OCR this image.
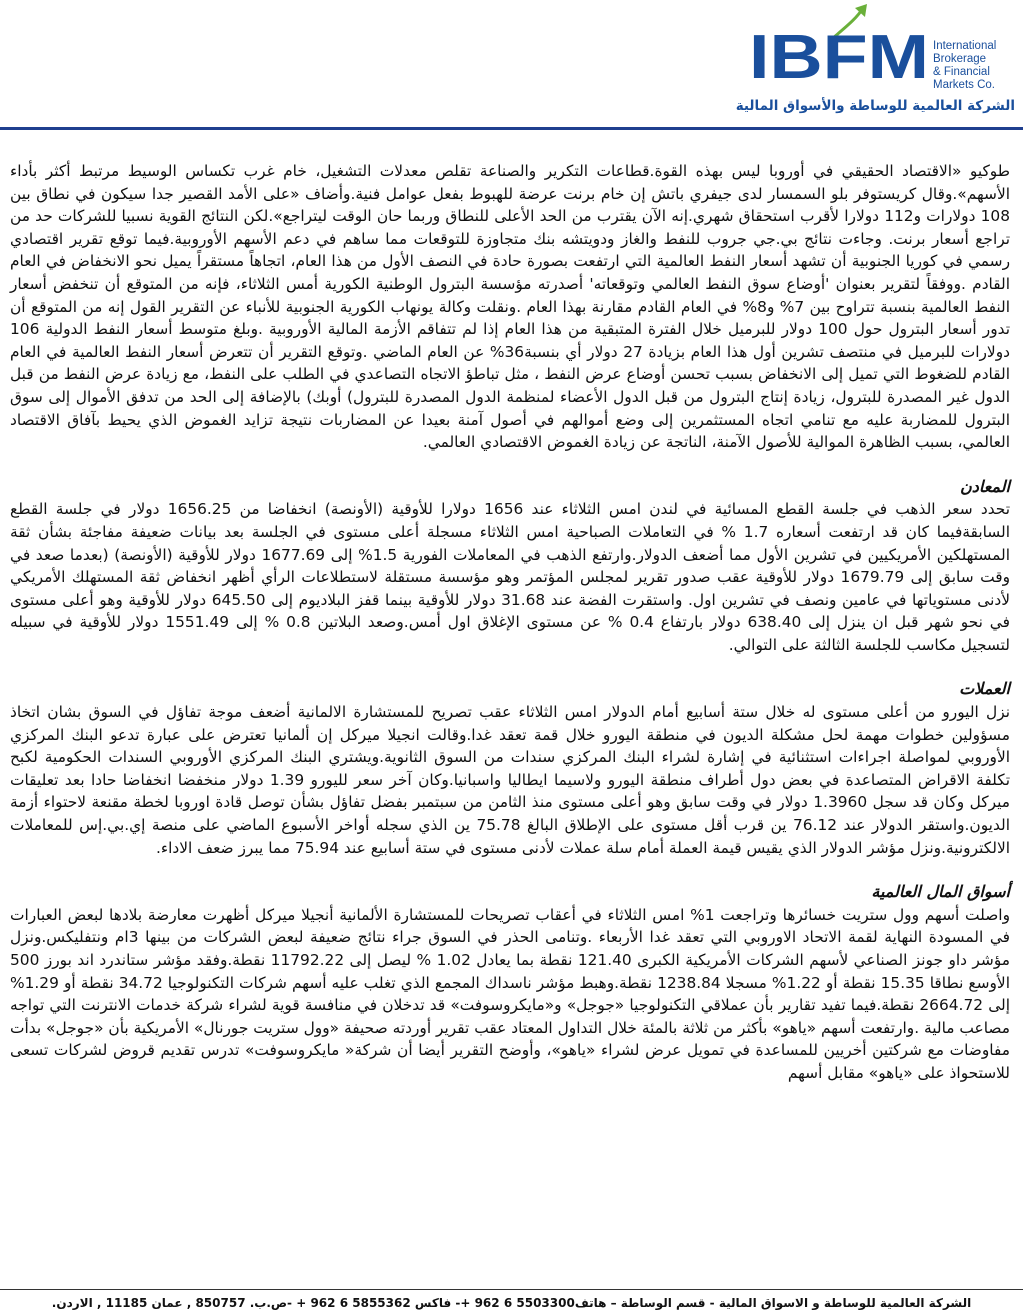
IBFM International
Brokerage
& Financial
Markets Co.
الشركة العالمية للوساطة والأسواق المالية

طوكيو «الاقتصاد الحقيقي في أوروبا ليس بهذه القوة.قطاعات التكرير والصناعة تقلص معدلات التشغيل، خام غرب تكساس الوسيط مرتبط أكثر بأداء الأسهم».وقال كريستوفر بلو السمسار لدى جيفري باتش إن خام برنت عرضة للهبوط بفعل عوامل فنية.وأضاف «على الأمد القصير جدا سيكون في نطاق بين 108 دولارات و112 دولارا لأقرب استحقاق شهري.إنه الآن يقترب من الحد الأعلى للنطاق وربما حان الوقت ليتراجع».لكن النتائج القوية نسبيا للشركات حد من تراجع أسعار برنت. وجاءت نتائج بي.جي جروب للنفط والغاز ودويتشه بنك متجاوزة للتوقعات مما ساهم في دعم الأسهم الأوروبية.فيما توقع تقرير اقتصادي رسمي في كوريا الجنوبية أن تشهد أسعار النفط العالمية التي ارتفعت بصورة حادة في النصف الأول من هذا العام، اتجاهاً مستقراً يميل نحو الانخفاض في العام القادم .ووفقاً لتقرير بعنوان 'أوضاع سوق النفط العالمي وتوقعاته' أصدرته مؤسسة البترول الوطنية الكورية أمس الثلاثاء، فإنه من المتوقع أن تنخفض أسعار النفط العالمية بنسبة تتراوح بين 7% و8% في العام القادم مقارنة بهذا العام .ونقلت وكالة يونهاب الكورية الجنوبية للأنباء عن التقرير القول إنه من المتوقع أن تدور أسعار البترول حول 100 دولار للبرميل خلال الفترة المتبقية من هذا العام إذا لم تتفاقم الأزمة المالية الأوروبية .وبلغ متوسط أسعار النفط الدولية 106 دولارات للبرميل في منتصف تشرين أول هذا العام بزيادة 27 دولار أي بنسبة36% عن العام الماضي .وتوقع التقرير أن تتعرض أسعار النفط العالمية في العام القادم للضغوط التي تميل إلى الانخفاض بسبب تحسن أوضاع عرض النفط ، مثل تباطؤ الاتجاه التصاعدي في الطلب على النفط، مع زيادة عرض النفط من قبل الدول غير المصدرة للبترول، زيادة إنتاج البترول من قبل الدول الأعضاء لمنظمة الدول المصدرة للبترول) أوبك) بالإضافة إلى الحد من تدفق الأموال إلى سوق البترول للمضاربة عليه مع تنامي اتجاه المستثمرين إلى وضع أموالهم في أصول آمنة بعيدا عن المضاربات نتيجة تزايد الغموض الذي يحيط بآفاق الاقتصاد العالمي، بسبب الظاهرة الموالية للأصول الآمنة، الناتجة عن زيادة الغموض الاقتصادي العالمي.

المعادن

تحدد سعر الذهب في جلسة القطع المسائية في لندن امس الثلاثاء عند 1656 دولارا للأوقية (الأونصة) انخفاضا من 1656.25 دولار في جلسة القطع السابقةفيما كان قد ارتفعت أسعاره 1.7 % في التعاملات الصباحية امس الثلاثاء مسجلة أعلى مستوى في الجلسة بعد بيانات ضعيفة مفاجئة بشأن ثقة المستهلكين الأمريكيين في تشرين الأول مما أضعف الدولار.وارتفع الذهب في المعاملات الفورية 1.5% إلى 1677.69 دولار للأوقية (الأونصة) (بعدما صعد في وقت سابق إلى 1679.79 دولار للأوقية عقب صدور تقرير لمجلس المؤتمر وهو مؤسسة مستقلة لاستطلاعات الرأي أظهر انخفاض ثقة المستهلك الأمريكي لأدنى مستوياتها في عامين ونصف في تشرين اول. واستقرت الفضة عند 31.68 دولار للأوقية بينما قفز البلاديوم إلى 645.50 دولار للأوقية وهو أعلى مستوى في نحو شهر قبل ان ينزل إلى 638.40 دولار بارتفاع 0.4 % عن مستوى الإغلاق اول أمس.وصعد البلاتين 0.8 % إلى 1551.49 دولار للأوقية في سبيله لتسجيل مكاسب للجلسة الثالثة على التوالي.

العملات

نزل اليورو من أعلى مستوى له خلال ستة أسابيع أمام الدولار امس الثلاثاء عقب تصريح للمستشارة الالمانية أضعف موجة تفاؤل في السوق بشان اتخاذ مسؤولين خطوات مهمة لحل مشكلة الديون في منطقة اليورو خلال قمة تعقد غدا.وقالت انجيلا ميركل إن ألمانيا تعترض على عبارة تدعو البنك المركزي الأوروبي لمواصلة اجراءات استثنائية في إشارة لشراء البنك المركزي سندات من السوق الثانوية.ويشتري البنك المركزي الأوروبي السندات الحكومية لكبح تكلفة الاقراض المتصاعدة في بعض دول أطراف منطقة اليورو ولاسيما ايطاليا واسبانيا.وكان آخر سعر لليورو 1.39 دولار منخفضا انخفاضا حادا بعد تعليقات ميركل وكان قد سجل 1.3960 دولار في وقت سابق وهو أعلى مستوى منذ الثامن من سبتمبر بفضل تفاؤل بشأن توصل قادة اوروبا لخطة مقنعة لاحتواء أزمة الديون.واستقر الدولار عند 76.12 ين قرب أقل مستوى على الإطلاق البالغ 75.78 ين الذي سجله أواخر الأسبوع الماضي على منصة إي.بي.إس للمعاملات الالكترونية.ونزل مؤشر الدولار الذي يقيس قيمة العملة أمام سلة عملات لأدنى مستوى في ستة أسابيع عند 75.94 مما يبرز ضعف الاداء.

أسواق المال العالمية

واصلت أسهم وول ستريت خسائرها وتراجعت 1% امس الثلاثاء في أعقاب تصريحات للمستشارة الألمانية أنجيلا ميركل أظهرت معارضة بلادها لبعض العبارات في المسودة النهاية لقمة الاتحاد الاوروبي التي تعقد غدا الأربعاء .وتنامى الحذر في السوق جراء نتائج ضعيفة لبعض الشركات من بينها 3ام ونتفليكس.ونزل مؤشر داو جونز الصناعي لأسهم الشركات الأمريكية الكبرى 121.40 نقطة بما يعادل 1.02 % ليصل إلى 11792.22 نقطة.وفقد مؤشر ستاندرد اند بورز 500 الأوسع نطاقا 15.35 نقطة أو 1.22% مسجلا 1238.84 نقطة.وهبط مؤشر ناسداك المجمع الذي تغلب عليه أسهم شركات التكنولوجيا 34.72 نقطة أو 1.29% إلى 2664.72 نقطة.فيما تفيد تقارير بأن عملاقي التكنولوجيا «جوجل» و«مايكروسوفت» قد تدخلان في منافسة قوية لشراء شركة خدمات الانترنت التي تواجه مصاعب مالية .وارتفعت أسهم «ياهو» بأكثر من ثلاثة بالمئة خلال التداول المعتاد عقب تقرير أوردته صحيفة «وول ستريت جورنال» الأمريكية بأن «جوجل» بدأت مفاوضات مع شركتين أخريين للمساعدة في تمويل عرض لشراء «ياهو»، وأوضح التقرير أيضا أن شركة« مايكروسوفت» تدرس تقديم قروض لشركات تسعى للاستحواذ على «ياهو» مقابل أسهم

الشركة العالمية للوساطة و الاسواق المالية - قسم الوساطة – هاتف5503300 6 962 +- فاكس 5855362 6 962 + -ص.ب. 850757 , عمان 11185 , الاردن.
